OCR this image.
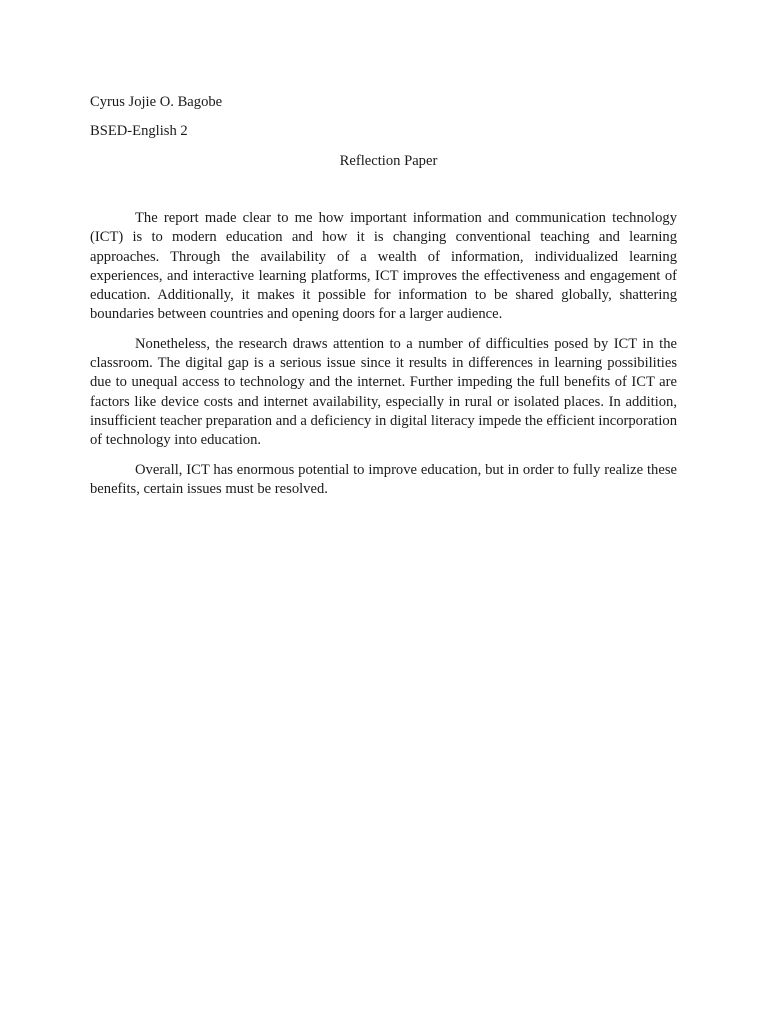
Cyrus Jojie O. Bagobe

BSED-English 2

Reflection Paper

The report made clear to me how important information and communication technology (ICT) is to modern education and how it is changing conventional teaching and learning approaches. Through the availability of a wealth of information, individualized learning experiences, and interactive learning platforms, ICT improves the effectiveness and engagement of education. Additionally, it makes it possible for information to be shared globally, shattering boundaries between countries and opening doors for a larger audience.

Nonetheless, the research draws attention to a number of difficulties posed by ICT in the classroom. The digital gap is a serious issue since it results in differences in learning possibilities due to unequal access to technology and the internet. Further impeding the full benefits of ICT are factors like device costs and internet availability, especially in rural or isolated places. In addition, insufficient teacher preparation and a deficiency in digital literacy impede the efficient incorporation of technology into education.

Overall, ICT has enormous potential to improve education, but in order to fully realize these benefits, certain issues must be resolved.
